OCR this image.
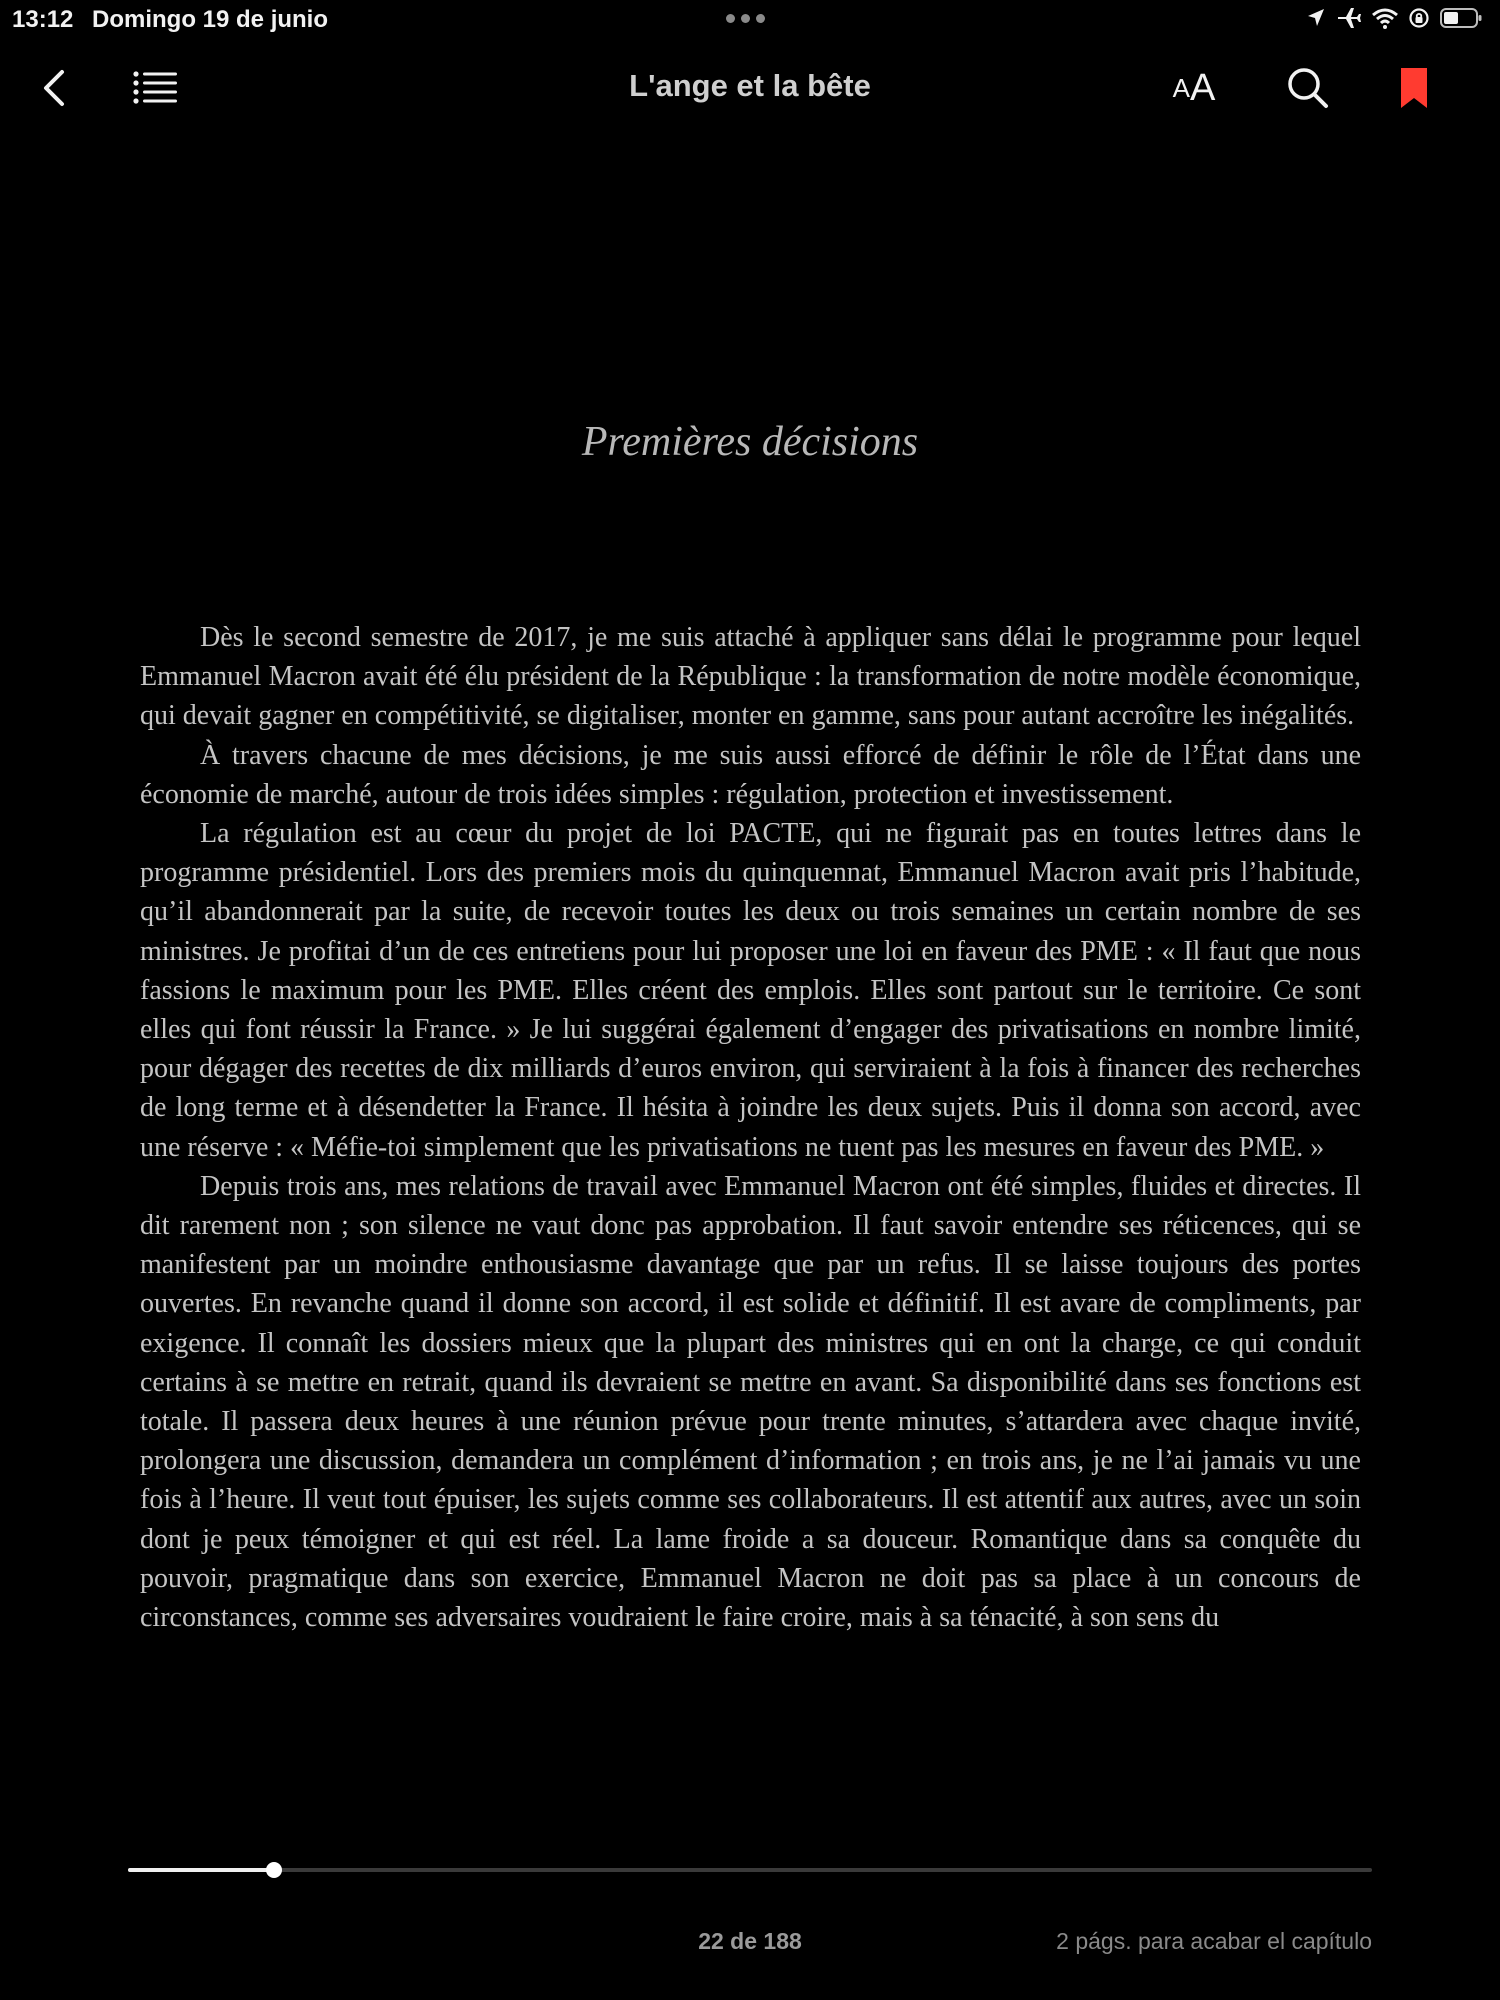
13:12 Domingo 19 de junio
L'ange et la bête	A A
Premières décisions

Dès le second semestre de 2017, je me suis attaché à appliquer sans délai le programme pour lequel Emmanuel Macron avait été élu président de la République : la transformation de notre modèle économique, qui devait gagner en compétitivité, se digitaliser, monter en gamme, sans pour autant accroître les inégalités.

À travers chacune de mes décisions, je me suis aussi efforcé de définir le rôle de l’État dans une économie de marché, autour de trois idées simples : régulation, protection et investissement.

La régulation est au cœur du projet de loi PACTE, qui ne figurait pas en toutes lettres dans le programme présidentiel. Lors des premiers mois du quinquennat, Emmanuel Macron avait pris l’habitude, qu’il abandonnerait par la suite, de recevoir toutes les deux ou trois semaines un certain nombre de ses ministres. Je profitai d’un de ces entretiens pour lui proposer une loi en faveur des PME : « Il faut que nous fassions le maximum pour les PME. Elles créent des emplois. Elles sont partout sur le territoire. Ce sont elles qui font réussir la France. » Je lui suggérai également d’engager des privatisations en nombre limité, pour dégager des recettes de dix milliards d’euros environ, qui serviraient à la fois à financer des recherches de long terme et à désendetter la France. Il hésita à joindre les deux sujets. Puis il donna son accord, avec une réserve : « Méfie-toi simplement que les privatisations ne tuent pas les mesures en faveur des PME. »

Depuis trois ans, mes relations de travail avec Emmanuel Macron ont été simples, fluides et directes. Il dit rarement non ; son silence ne vaut donc pas approbation. Il faut savoir entendre ses réticences, qui se manifestent par un moindre enthousiasme davantage que par un refus. Il se laisse toujours des portes ouvertes. En revanche quand il donne son accord, il est solide et définitif. Il est avare de compliments, par exigence. Il connaît les dossiers mieux que la plupart des ministres qui en ont la charge, ce qui conduit certains à se mettre en retrait, quand ils devraient se mettre en avant. Sa disponibilité dans ses fonctions est totale. Il passera deux heures à une réunion prévue pour trente minutes, s’attardera avec chaque invité, prolongera une discussion, demandera un complément d’information ; en trois ans, je ne l’ai jamais vu une fois à l’heure. Il veut tout épuiser, les sujets comme ses collaborateurs. Il est attentif aux autres, avec un soin dont je peux témoigner et qui est réel. La lame froide a sa douceur. Romantique dans sa conquête du pouvoir, pragmatique dans son exercice, Emmanuel Macron ne doit pas sa place à un concours de circonstances, comme ses adversaires voudraient le faire croire, mais à sa ténacité, à son sens du

22 de 188	2 págs. para acabar el capítulo
